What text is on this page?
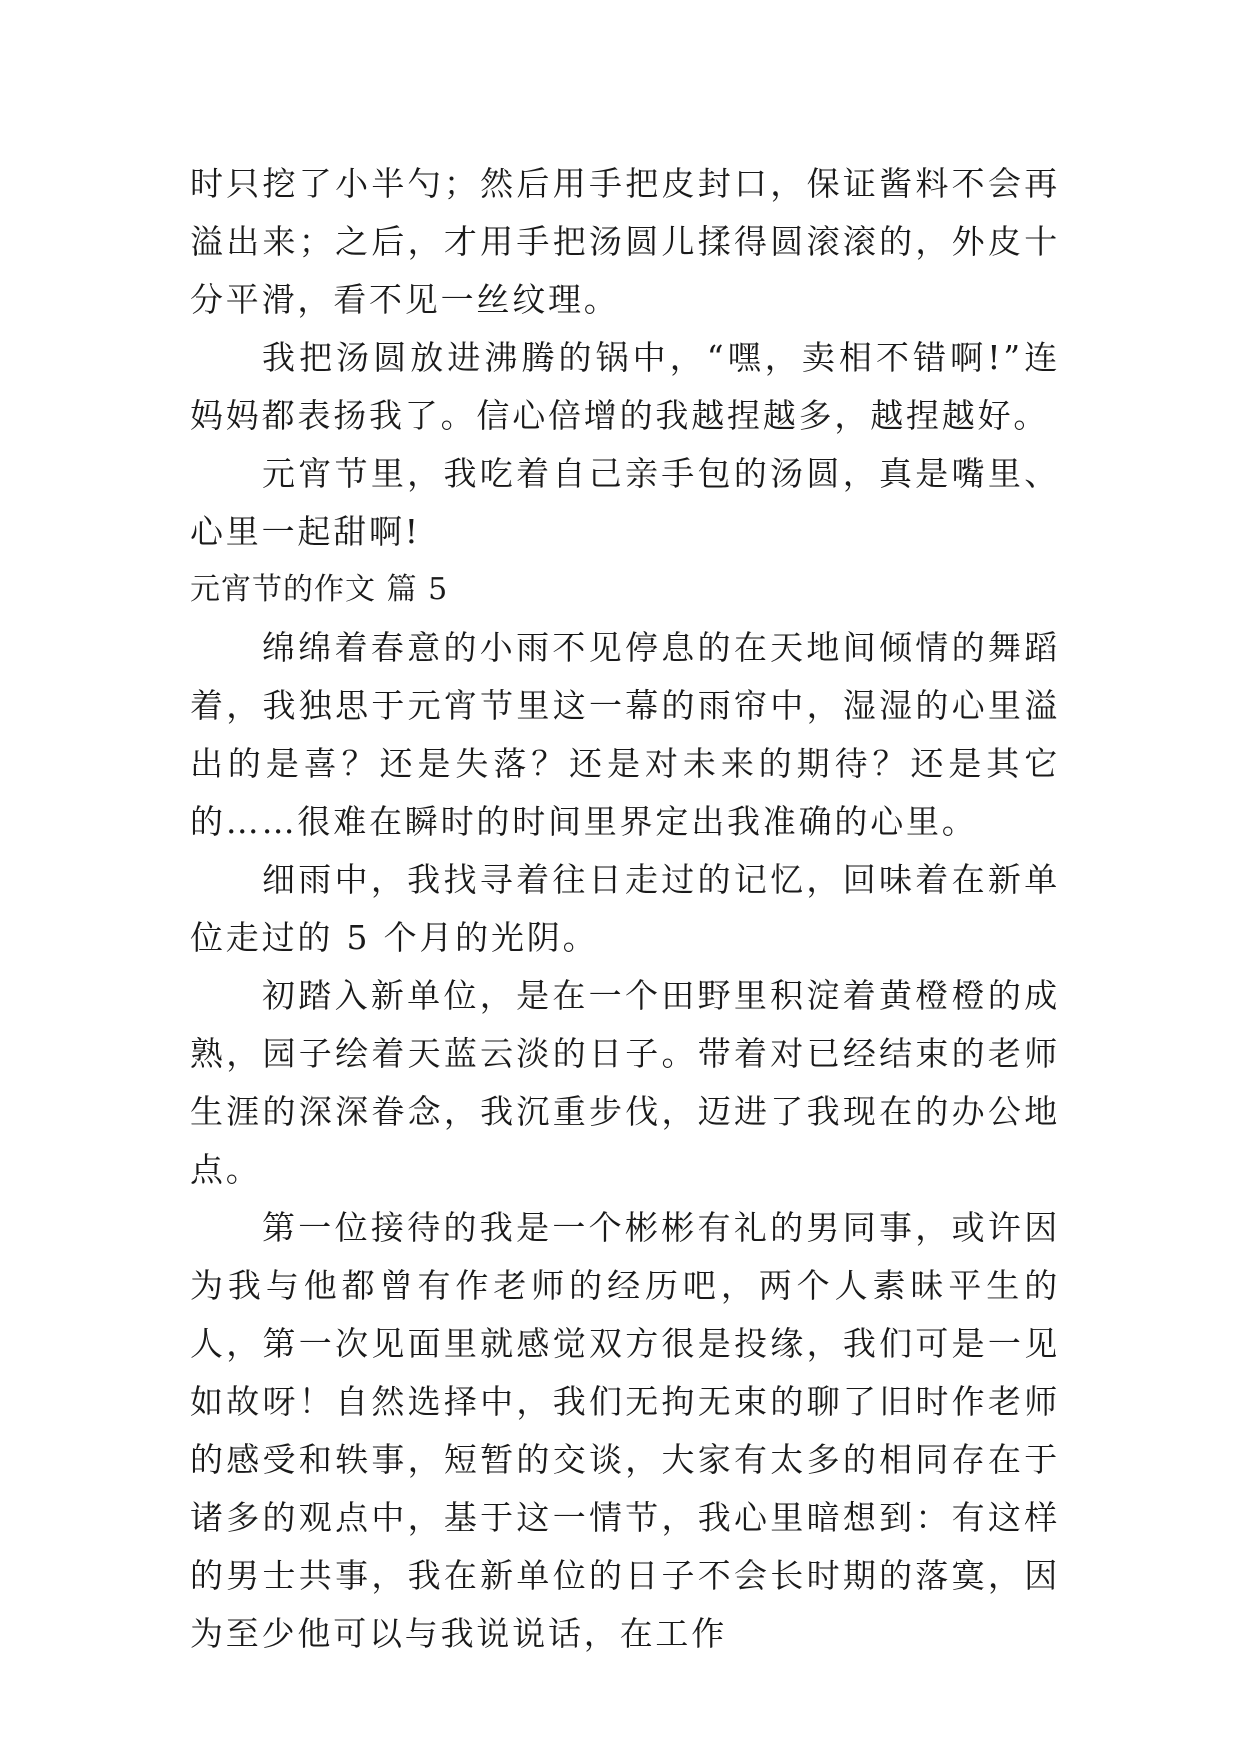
时只挖了小半勺；然后用手把皮封口，保证酱料不会再溢出来；之后，才用手把汤圆儿揉得圆滚滚的，外皮十分平滑，看不见一丝纹理。

我把汤圆放进沸腾的锅中，“嘿，卖相不错啊!”连妈妈都表扬我了。信心倍增的我越捏越多，越捏越好。

元宵节里，我吃着自己亲手包的汤圆，真是嘴里、心里一起甜啊!

元宵节的作文 篇 5

绵绵着春意的小雨不见停息的在天地间倾情的舞蹈着，我独思于元宵节里这一幕的雨帘中，湿湿的心里溢出的是喜？还是失落？还是对未来的期待？还是其它的……很难在瞬时的时间里界定出我准确的心里。

细雨中，我找寻着往日走过的记忆，回味着在新单位走过的 5 个月的光阴。

初踏入新单位，是在一个田野里积淀着黄橙橙的成熟，园子绘着天蓝云淡的日子。带着对已经结束的老师生涯的深深眷念，我沉重步伐，迈进了我现在的办公地点。

第一位接待的我是一个彬彬有礼的男同事，或许因为我与他都曾有作老师的经历吧，两个人素昧平生的人，第一次见面里就感觉双方很是投缘，我们可是一见如故呀！自然选择中，我们无拘无束的聊了旧时作老师的感受和轶事，短暂的交谈，大家有太多的相同存在于诸多的观点中，基于这一情节，我心里暗想到：有这样的男士共事，我在新单位的日子不会长时期的落寞，因为至少他可以与我说说话，在工作
